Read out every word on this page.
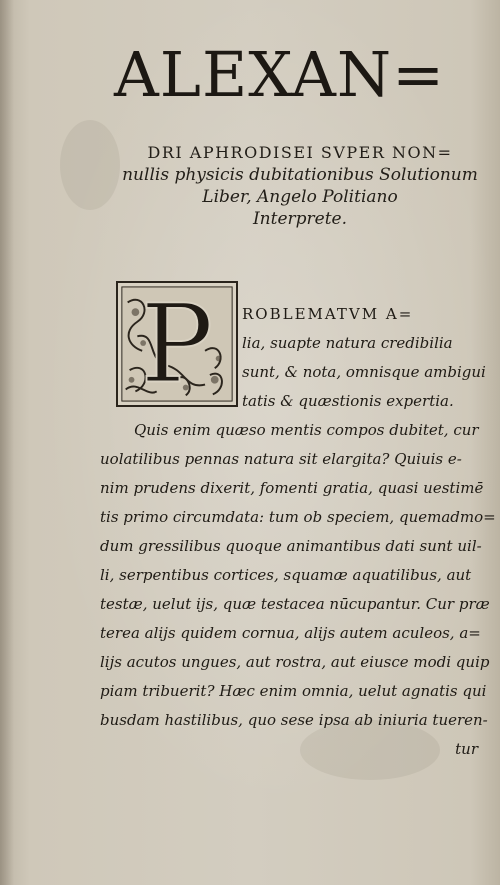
ALEXAN=
DRI APHRODISEI SVPER NON=
nullis physicis dubitationibus Solutionum
Liber, Angelo Politiano
Interprete.
P	ROBLEMATVM A=
lia, suapte natura credibilia
sunt, & nota, omnisque ambigui
tatis & quæstionis expertia.
Quis enim quæso mentis compos dubitet, cur
uolatilibus pennas natura sit elargita? Quiuis e-
nim prudens dixerit, fomenti gratia, quasi uestimē
tis primo circumdata: tum ob speciem, quemadmo=
dum gressilibus quoque animantibus dati sunt uil-
li, serpentibus cortices, squamæ aquatilibus, aut
testæ, uelut ijs, quæ testacea nūcupantur. Cur præ
terea alijs quidem cornua, alijs autem aculeos, a=
lijs acutos ungues, aut rostra, aut eiusce modi quip
piam tribuerit? Hæc enim omnia, uelut agnatis qui
busdam hastilibus, quo sese ipsa ab iniuria tueren-
tur
